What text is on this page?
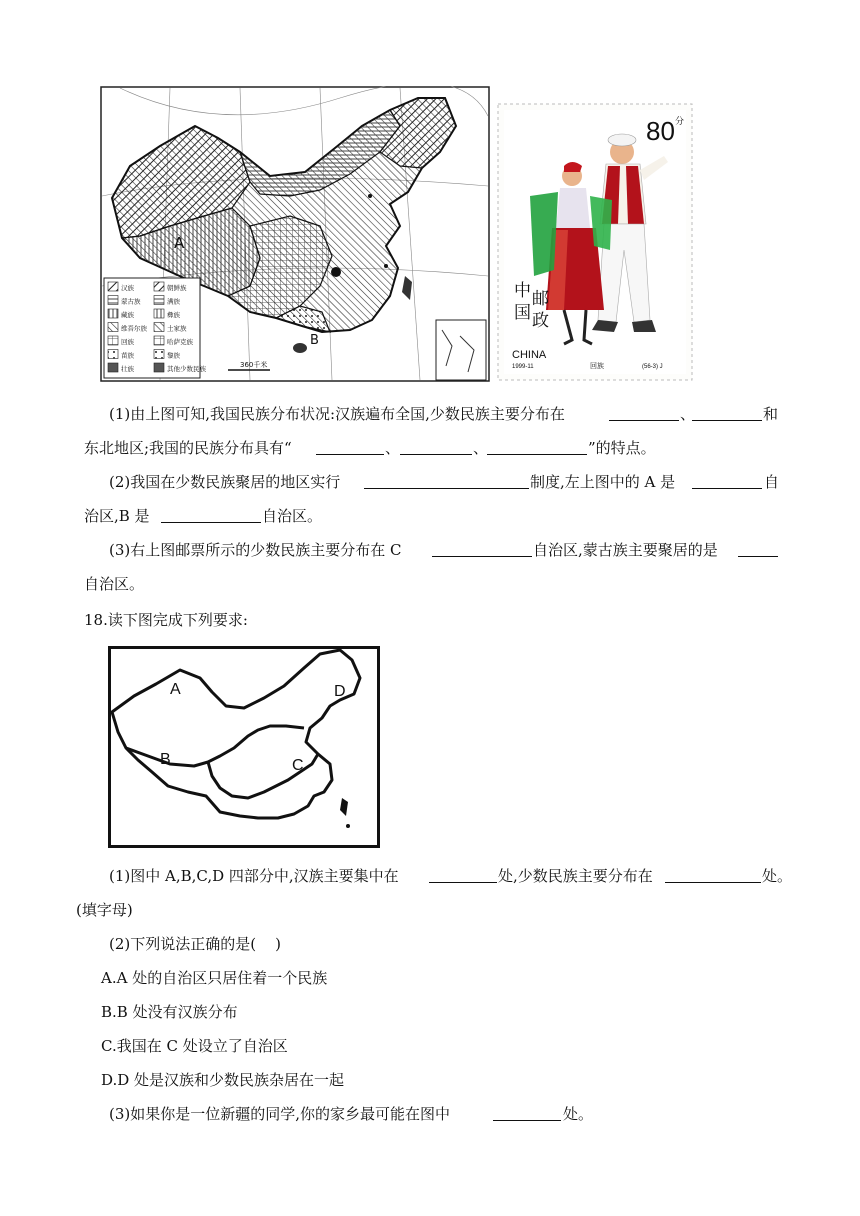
A
B
汉族
蒙古族
藏族
维吾尔族
回族
苗族
壮族
朝鲜族
满族
彝族
土家族
哈萨克族
黎族
其他少数民族	360千米
80 分
中
国
邮
政
CHINA
1999-11	回族	(56-3) J
(1)由上图可知,我国民族分布状况:汉族遍布全国,少数民族主要分布在	、	和
东北地区;我国的民族分布具有“	、	、	”的特点。
(2)我国在少数民族聚居的地区实行	制度,左上图中的 A 是	自
治区,B 是	自治区。
(3)右上图邮票所示的少数民族主要分布在 C	自治区,蒙古族主要聚居的是
自治区。
18.读下图完成下列要求:
A	D
B	C
(1)图中 A,B,C,D 四部分中,汉族主要集中在	处,少数民族主要分布在	处。
(填字母)
(2)下列说法正确的是(    )
A.A 处的自治区只居住着一个民族
B.B 处没有汉族分布
C.我国在 C 处设立了自治区
D.D 处是汉族和少数民族杂居在一起
(3)如果你是一位新疆的同学,你的家乡最可能在图中	处。
